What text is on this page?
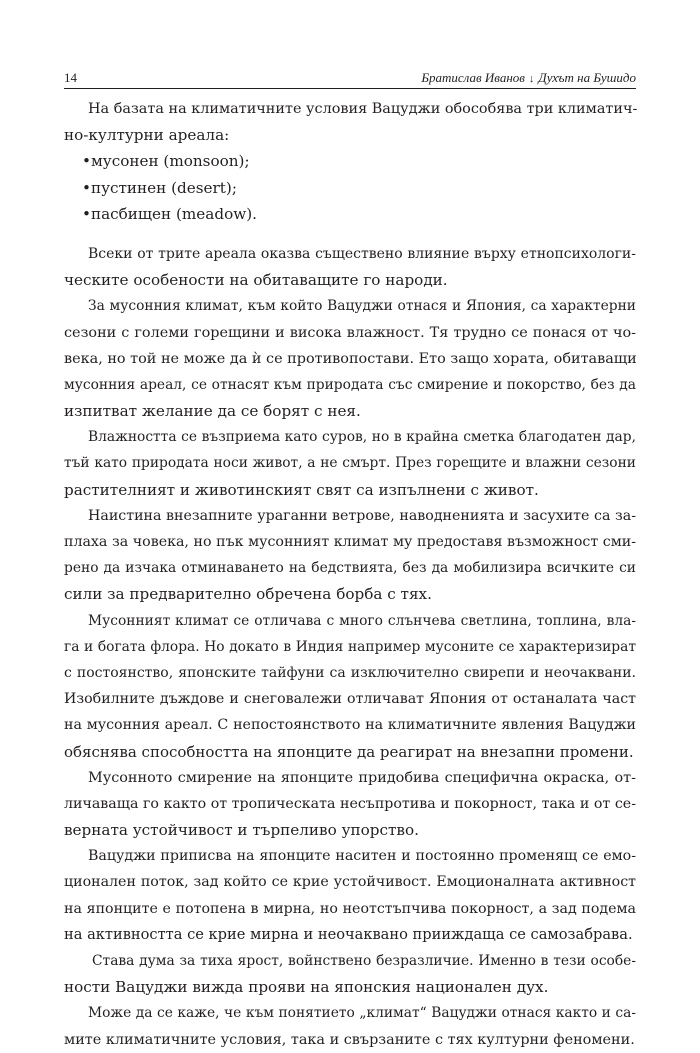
14	Братислав Иванов ↓ Духът на Бушидо
На базата на климатичните условия Вацуджи обособява три климатич-
но-културни ареала:
•мусонен (monsoon);
•пустинен (desert);
•пасбищен (meadow).
Всеки от трите ареала оказва съществено влияние върху етнопсихологи-
ческите особености на обитаващите го народи.
За мусонния климат, към който Вацуджи отнася и Япония, са характерни
сезони с големи горещини и висока влажност. Тя трудно се понася от чо-
века, но той не може да ѝ се противопостави. Ето защо хората, обитаващи
мусонния ареал, се отнасят към природата със смирение и покорство, без да
изпитват желание да се борят с нея.
Влажността се възприема като суров, но в крайна сметка благодатен дар,
тъй като природата носи живот, а не смърт. През горещите и влажни сезони
растителният и животинският свят са изпълнени с живот.
Наистина внезапните ураганни ветрове, наводненията и засухите са за-
плаха за човека, но пък мусонният климат му предоставя възможност сми-
рено да изчака отминаването на бедствията, без да мобилизира всичките си
сили за предварително обречена борба с тях.
Мусонният климат се отличава с много слънчева светлина, топлина, вла-
га и богата флора. Но докато в Индия например мусоните се характеризират
с постоянство, японските тайфуни са изключително свирепи и неочаквани.
Изобилните дъждове и снеговалежи отличават Япония от останалата част
на мусонния ареал. С непостоянството на климатичните явления Вацуджи
обяснява способността на японците да реагират на внезапни промени.
Мусонното смирение на японците придобива специфична окраска, от-
личаваща го както от тропическата несъпротива и покорност, така и от се-
верната устойчивост и търпеливо упорство.
Вацуджи приписва на японците наситен и постоянно променящ се емо-
ционален поток, зад който се крие устойчивост. Емоционалната активност
на японците е потопена в мирна, но неотстъпчива покорност, а зад подема
на активността се крие мирна и неочаквано прииждаща се самозабрава.
Става дума за тиха ярост, войнствено безразличие. Именно в тези особе-
ности Вацуджи вижда прояви на японския национален дух.
Може да се каже, че към понятието „климат“ Вацуджи отнася както и са-
мите климатичните условия, така и свързаните с тях културни феномени.
